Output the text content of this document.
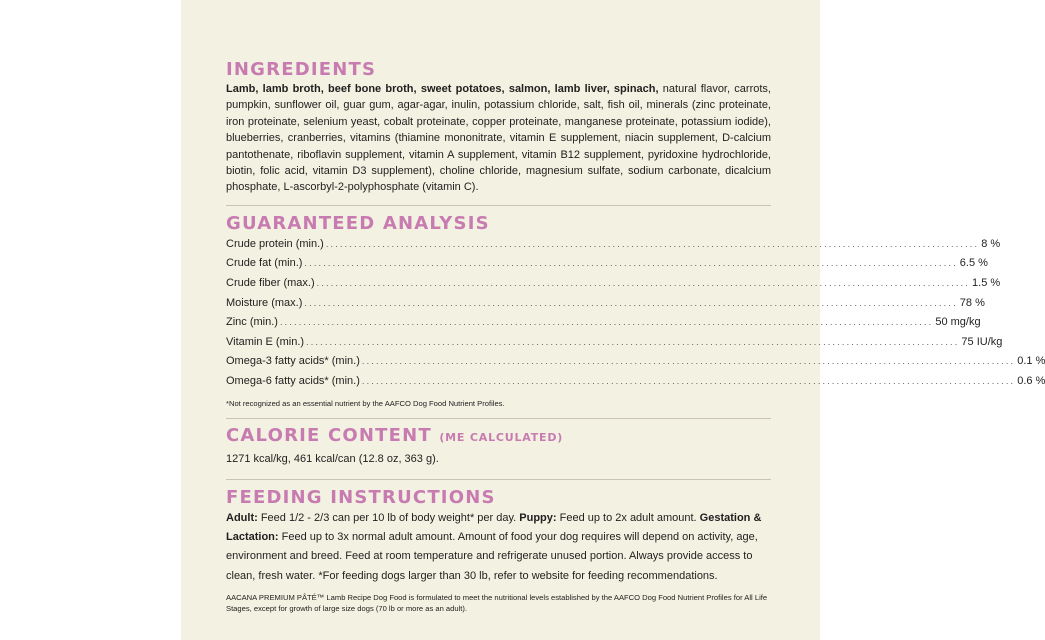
INGREDIENTS

Lamb, lamb broth, beef bone broth, sweet potatoes, salmon, lamb liver, spinach, natural flavor, carrots, pumpkin, sunflower oil, guar gum, agar-agar, inulin, potassium chloride, salt, fish oil, minerals (zinc proteinate, iron proteinate, selenium yeast, cobalt proteinate, copper proteinate, manganese proteinate, potassium iodide), blueberries, cranberries, vitamins (thiamine mononitrate, vitamin E supplement, niacin supplement, D-calcium pantothenate, riboflavin supplement, vitamin A supplement, vitamin B12 supplement, pyridoxine hydrochloride, biotin, folic acid, vitamin D3 supplement), choline chloride, magnesium sulfate, sodium carbonate, dicalcium phosphate, L-ascorbyl-2-polyphosphate (vitamin C).

GUARANTEED ANALYSIS
Crude protein (min.) ........................................................................................................................................... 8 %
Crude fat (min.) ........................................................................................................................................... 6.5 %
Crude fiber (max.) ........................................................................................................................................... 1.5 %
Moisture (max.) ........................................................................................................................................... 78 %
Zinc (min.) ........................................................................................................................................... 50 mg/kg
Vitamin E (min.) ........................................................................................................................................... 75 IU/kg
Omega-3 fatty acids* (min.) ........................................................................................................................................... 0.1 %
Omega-6 fatty acids* (min.) ........................................................................................................................................... 0.6 %

*Not recognized as an essential nutrient by the AAFCO Dog Food Nutrient Profiles.

CALORIE CONTENT (ME CALCULATED)

1271 kcal/kg, 461 kcal/can (12.8 oz, 363 g).

FEEDING INSTRUCTIONS

Adult: Feed 1/2 - 2/3 can per 10 lb of body weight* per day. Puppy: Feed up to 2x adult amount. Gestation & Lactation: Feed up to 3x normal adult amount. Amount of food your dog requires will depend on activity, age, environment and breed. Feed at room temperature and refrigerate unused portion. Always provide access to clean, fresh water. *For feeding dogs larger than 30 lb, refer to website for feeding recommendations.

AACANA PREMIUM PÂTÉ™ Lamb Recipe Dog Food is formulated to meet the nutritional levels established by the AAFCO Dog Food Nutrient Profiles for All Life Stages, except for growth of large size dogs (70 lb or more as an adult).
